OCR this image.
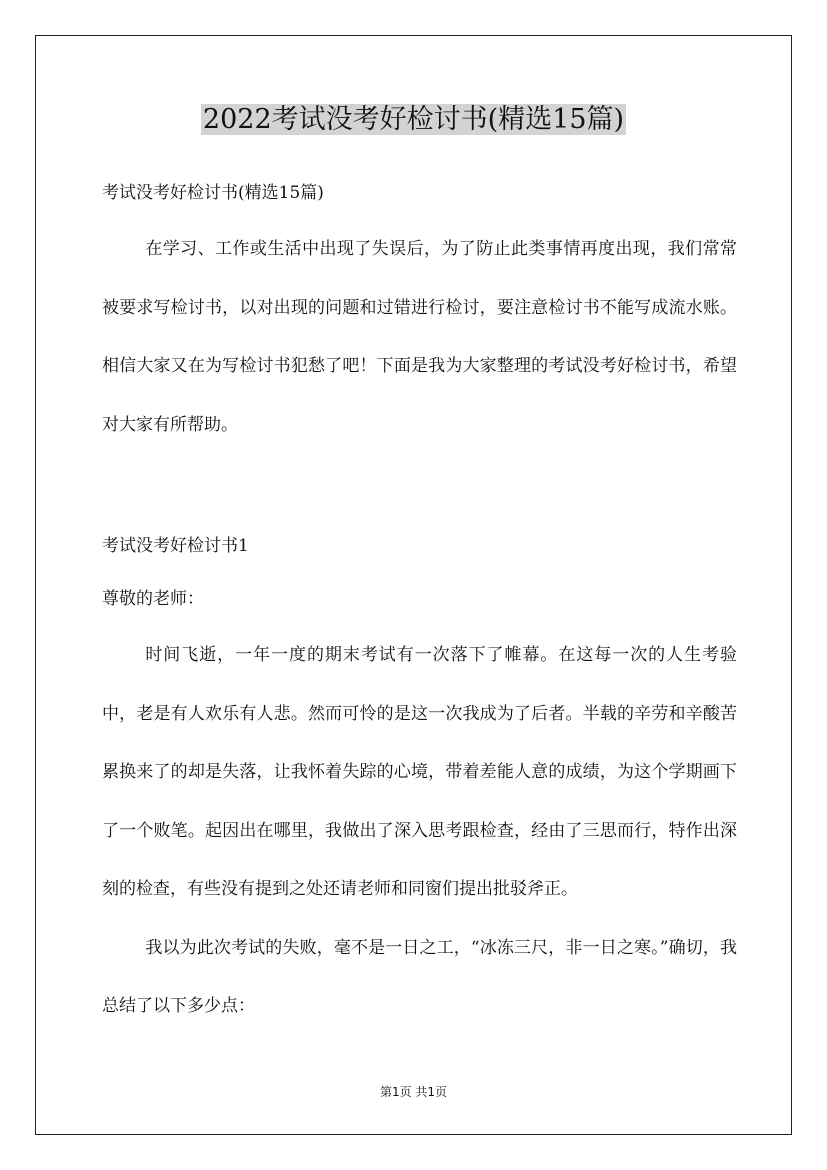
2022考试没考好检讨书(精选15篇)

考试没考好检讨书(精选15篇)

在学习、工作或生活中出现了失误后，为了防止此类事情再度出现，我们常常被要求写检讨书，以对出现的问题和过错进行检讨，要注意检讨书不能写成流水账。相信大家又在为写检讨书犯愁了吧！下面是我为大家整理的考试没考好检讨书，希望对大家有所帮助。

考试没考好检讨书1

尊敬的老师：

时间飞逝，一年一度的期末考试有一次落下了帷幕。在这每一次的人生考验中，老是有人欢乐有人悲。然而可怜的是这一次我成为了后者。半载的辛劳和辛酸苦累换来了的却是失落，让我怀着失踪的心境，带着差能人意的成绩，为这个学期画下了一个败笔。起因出在哪里，我做出了深入思考跟检查，经由了三思而行，特作出深刻的检查，有些没有提到之处还请老师和同窗们提出批驳斧正。

我以为此次考试的失败，毫不是一日之工，“冰冻三尺，非一日之寒。”确切，我总结了以下多少点：

第1页 共1页
